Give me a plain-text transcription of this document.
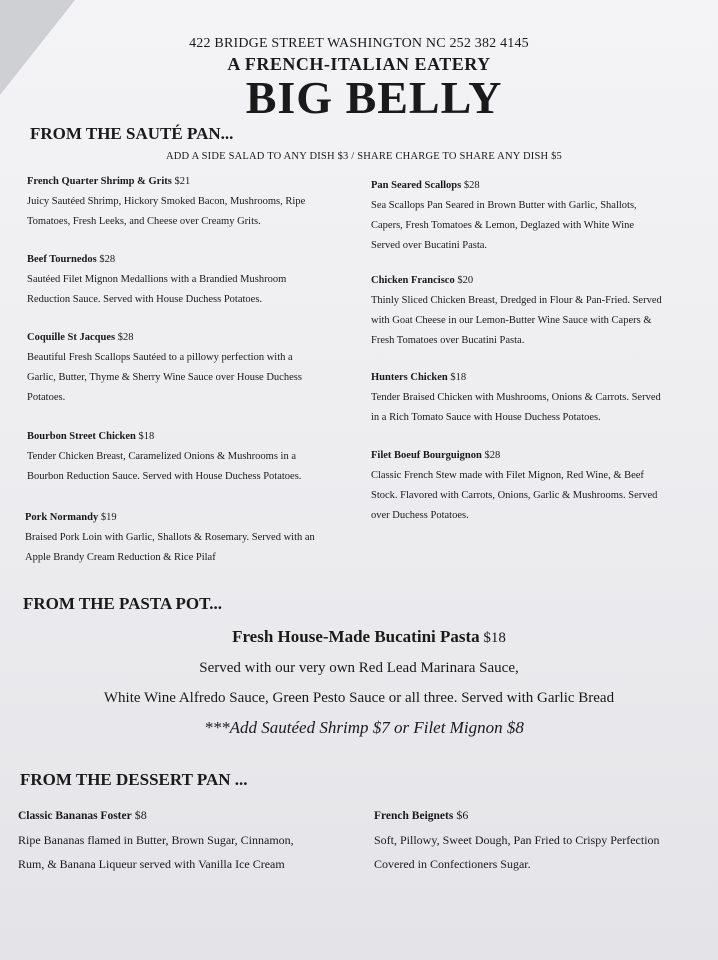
422 BRIDGE STREET WASHINGTON NC 252 382 4145
A FRENCH-ITALIAN EATERY
BIG BELLY
FROM THE SAUTÉ PAN...
ADD A SIDE SALAD TO ANY DISH $3 / SHARE CHARGE TO SHARE ANY DISH $5
French Quarter Shrimp & Grits $21
Juicy Sautéed Shrimp, Hickory Smoked Bacon, Mushrooms, Ripe
Tomatoes, Fresh Leeks, and Cheese over Creamy Grits.
Beef Tournedos $28
Sautéed Filet Mignon Medallions with a Brandied Mushroom
Reduction Sauce. Served with House Duchess Potatoes.
Coquille St Jacques $28
Beautiful Fresh Scallops Sautéed to a pillowy perfection with a
Garlic, Butter, Thyme & Sherry Wine Sauce over House Duchess
Potatoes.
Bourbon Street Chicken $18
Tender Chicken Breast, Caramelized Onions & Mushrooms in a
Bourbon Reduction Sauce. Served with House Duchess Potatoes.
Pork Normandy $19
Braised Pork Loin with Garlic, Shallots & Rosemary. Served with an
Apple Brandy Cream Reduction & Rice Pilaf
Pan Seared Scallops $28
Sea Scallops Pan Seared in Brown Butter with Garlic, Shallots,
Capers, Fresh Tomatoes & Lemon, Deglazed with White Wine
Served over Bucatini Pasta.
Chicken Francisco $20
Thinly Sliced Chicken Breast, Dredged in Flour & Pan-Fried. Served
with Goat Cheese in our Lemon-Butter Wine Sauce with Capers &
Fresh Tomatoes over Bucatini Pasta.
Hunters Chicken $18
Tender Braised Chicken with Mushrooms, Onions & Carrots. Served
in a Rich Tomato Sauce with House Duchess Potatoes.
Filet Boeuf Bourguignon $28
Classic French Stew made with Filet Mignon, Red Wine, & Beef
Stock. Flavored with Carrots, Onions, Garlic & Mushrooms. Served
over Duchess Potatoes.
FROM THE PASTA POT...
Fresh House-Made Bucatini Pasta $18
Served with our very own Red Lead Marinara Sauce,
White Wine Alfredo Sauce, Green Pesto Sauce or all three. Served with Garlic Bread
***Add Sautéed Shrimp $7 or Filet Mignon $8
FROM THE DESSERT PAN ...
Classic Bananas Foster $8
Ripe Bananas flamed in Butter, Brown Sugar, Cinnamon,
Rum, & Banana Liqueur served with Vanilla Ice Cream
French Beignets $6
Soft, Pillowy, Sweet Dough, Pan Fried to Crispy Perfection
Covered in Confectioners Sugar.
